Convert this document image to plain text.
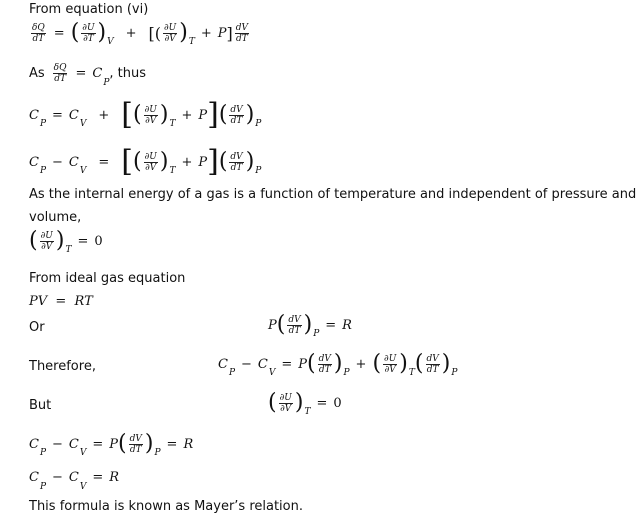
From equation (vi)
$\frac{\delta Q}{dT}$ = ( $\frac{\partial U}{\partial T}$ ) V
+ [( $\frac{\partial U}{\partial V}$ ) T
+ P ] $\frac{dV}{dT}$
As $\frac{\delta Q}{dT} = C$
P
, thus
C
P
= C
V
+ [ ( $\frac{\partial U}{\partial V}$ ) T
+ P ] ( $\frac{dV}{dT}$ ) P
C
P
− C
V
= [ ( $\frac{\partial U}{\partial V}$ ) T
+ P ] ( $\frac{dV}{dT}$ ) P
As the internal energy of a gas is a function of temperature and independent of pressure and
volume,
( $\frac{\partial U}{\partial V}$ ) T
= 0
From ideal gas equation
PV  =  RT
Or	P ( $\frac{dV}{dT}$ ) P
= R
Therefore,	C
P
− C
V
= P ( $\frac{dV}{dT}$ ) P
+ ( $\frac{\partial U}{\partial V}$ ) T ( $\frac{dV}{dT}$ ) P
But	( $\frac{\partial U}{\partial V}$ ) T
= 0
C
P
− C
V
= P ( $\frac{dV}{dT}$ ) P
= R
C
P
− C
V
= R
This formula is known as Mayer’s relation.
